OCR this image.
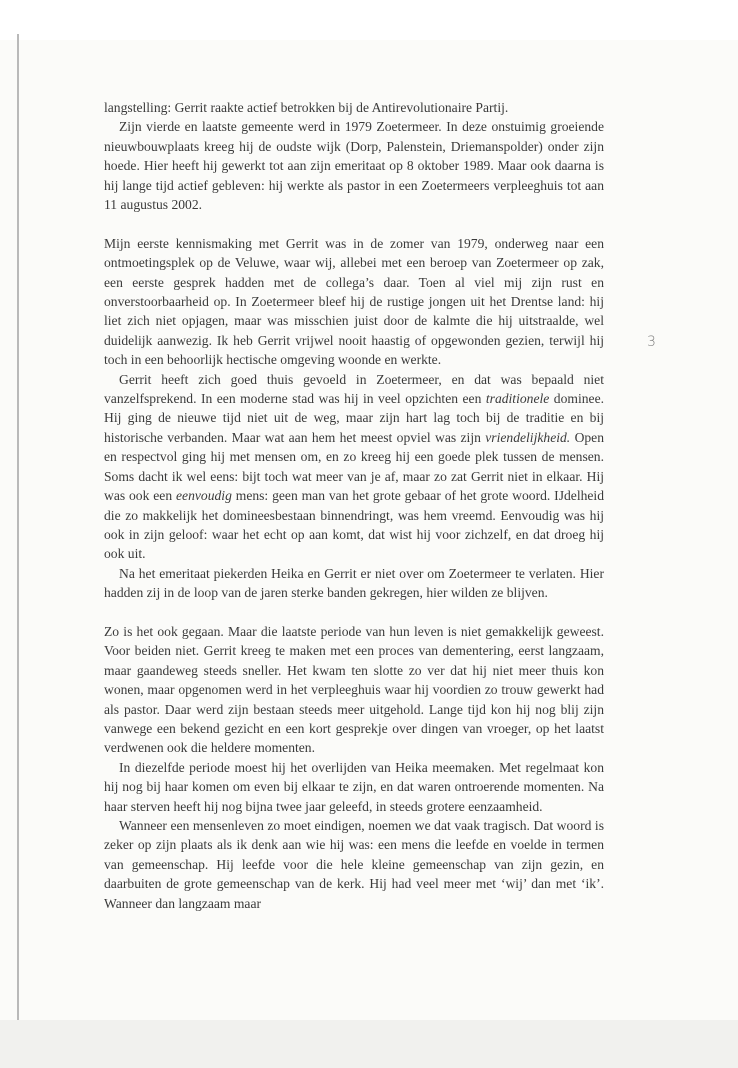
langstelling: Gerrit raakte actief betrokken bij de Antirevolutionaire Partij.

Zijn vierde en laatste gemeente werd in 1979 Zoetermeer. In deze onstuimig groeiende nieuwbouwplaats kreeg hij de oudste wijk (Dorp, Palenstein, Driemanspolder) onder zijn hoede. Hier heeft hij gewerkt tot aan zijn emeritaat op 8 oktober 1989. Maar ook daarna is hij lange tijd actief gebleven: hij werkte als pastor in een Zoetermeers verpleeghuis tot aan 11 augustus 2002.

Mijn eerste kennismaking met Gerrit was in de zomer van 1979, onderweg naar een ontmoetingsplek op de Veluwe, waar wij, allebei met een beroep van Zoetermeer op zak, een eerste gesprek hadden met de collega’s daar. Toen al viel mij zijn rust en onverstoorbaarheid op. In Zoetermeer bleef hij de rustige jongen uit het Drentse land: hij liet zich niet opjagen, maar was misschien juist door de kalmte die hij uitstraalde, wel duidelijk aanwezig. Ik heb Gerrit vrijwel nooit haastig of opgewonden gezien, terwijl hij toch in een behoorlijk hectische omgeving woonde en werkte.

Gerrit heeft zich goed thuis gevoeld in Zoetermeer, en dat was bepaald niet vanzelfsprekend. In een moderne stad was hij in veel opzichten een traditionele dominee. Hij ging de nieuwe tijd niet uit de weg, maar zijn hart lag toch bij de traditie en bij historische verbanden. Maar wat aan hem het meest opviel was zijn vriendelijkheid. Open en respectvol ging hij met mensen om, en zo kreeg hij een goede plek tussen de mensen. Soms dacht ik wel eens: bijt toch wat meer van je af, maar zo zat Gerrit niet in elkaar. Hij was ook een eenvoudig mens: geen man van het grote gebaar of het grote woord. IJdelheid die zo makkelijk het domineesbestaan binnendringt, was hem vreemd. Eenvoudig was hij ook in zijn geloof: waar het echt op aan komt, dat wist hij voor zichzelf, en dat droeg hij ook uit.

Na het emeritaat piekerden Heika en Gerrit er niet over om Zoetermeer te verlaten. Hier hadden zij in de loop van de jaren sterke banden gekregen, hier wilden ze blijven.

Zo is het ook gegaan. Maar die laatste periode van hun leven is niet gemakkelijk geweest. Voor beiden niet. Gerrit kreeg te maken met een proces van dementering, eerst langzaam, maar gaandeweg steeds sneller. Het kwam ten slotte zo ver dat hij niet meer thuis kon wonen, maar opgenomen werd in het verpleeghuis waar hij voordien zo trouw gewerkt had als pastor. Daar werd zijn bestaan steeds meer uitgehold. Lange tijd kon hij nog blij zijn vanwege een bekend gezicht en een kort gesprekje over dingen van vroeger, op het laatst verdwenen ook die heldere momenten.

In diezelfde periode moest hij het overlijden van Heika meemaken. Met regelmaat kon hij nog bij haar komen om even bij elkaar te zijn, en dat waren ontroerende momenten. Na haar sterven heeft hij nog bijna twee jaar geleefd, in steeds grotere eenzaamheid.

Wanneer een mensenleven zo moet eindigen, noemen we dat vaak tragisch. Dat woord is zeker op zijn plaats als ik denk aan wie hij was: een mens die leefde en voelde in termen van gemeenschap. Hij leefde voor die hele kleine gemeenschap van zijn gezin, en daarbuiten de grote gemeenschap van de kerk. Hij had veel meer met ‘wij’ dan met ‘ik’. Wanneer dan langzaam maar

3
